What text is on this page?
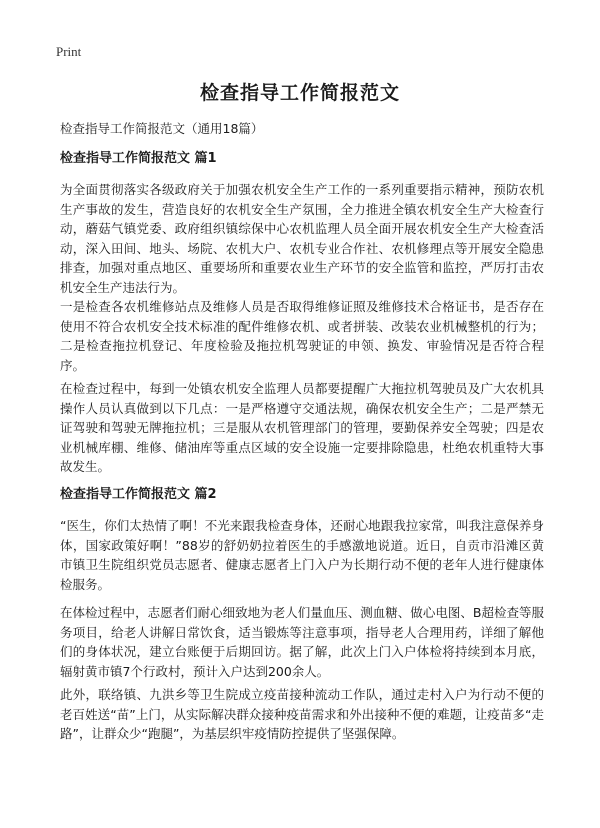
Print
检查指导工作简报范文

检查指导工作简报范文（通用18篇）

检查指导工作简报范文 篇1

为全面贯彻落实各级政府关于加强农机安全生产工作的一系列重要指示精神，预防农机生产事故的发生，营造良好的农机安全生产氛围，全力推进全镇农机安全生产大检查行动，蘑菇气镇党委、政府组织镇综保中心农机监理人员全面开展农机安全生产大检查活动，深入田间、地头、场院、农机大户、农机专业合作社、农机修理点等开展安全隐患排查，加强对重点地区、重要场所和重要农业生产环节的安全监管和监控，严厉打击农机安全生产违法行为。

一是检查各农机维修站点及维修人员是否取得维修证照及维修技术合格证书，是否存在使用不符合农机安全技术标准的配件维修农机、或者拼装、改装农业机械整机的行为；二是检查拖拉机登记、年度检验及拖拉机驾驶证的申领、换发、审验情况是否符合程序。

在检查过程中，每到一处镇农机安全监理人员都要提醒广大拖拉机驾驶员及广大农机具操作人员认真做到以下几点：一是严格遵守交通法规，确保农机安全生产；二是严禁无证驾驶和驾驶无牌拖拉机；三是服从农机管理部门的管理，要勤保养安全驾驶；四是农业机械库棚、维修、储油库等重点区域的安全设施一定要排除隐患，杜绝农机重特大事故发生。

检查指导工作简报范文 篇2

“医生，你们太热情了啊！不光来跟我检查身体，还耐心地跟我拉家常，叫我注意保养身体，国家政策好啊！”88岁的舒奶奶拉着医生的手感激地说道。近日，自贡市沿滩区黄市镇卫生院组织党员志愿者、健康志愿者上门入户为长期行动不便的老年人进行健康体检服务。

在体检过程中，志愿者们耐心细致地为老人们量血压、测血糖、做心电图、B超检查等服务项目，给老人讲解日常饮食，适当锻炼等注意事项，指导老人合理用药，详细了解他们的身体状况，建立台账便于后期回访。据了解，此次上门入户体检将持续到本月底，辐射黄市镇7个行政村，预计入户达到200余人。

此外，联络镇、九洪乡等卫生院成立疫苗接种流动工作队，通过走村入户为行动不便的老百姓送“苗”上门，从实际解决群众接种疫苗需求和外出接种不便的难题，让疫苗多“走路”，让群众少“跑腿”，为基层织牢疫情防控提供了坚强保障。
